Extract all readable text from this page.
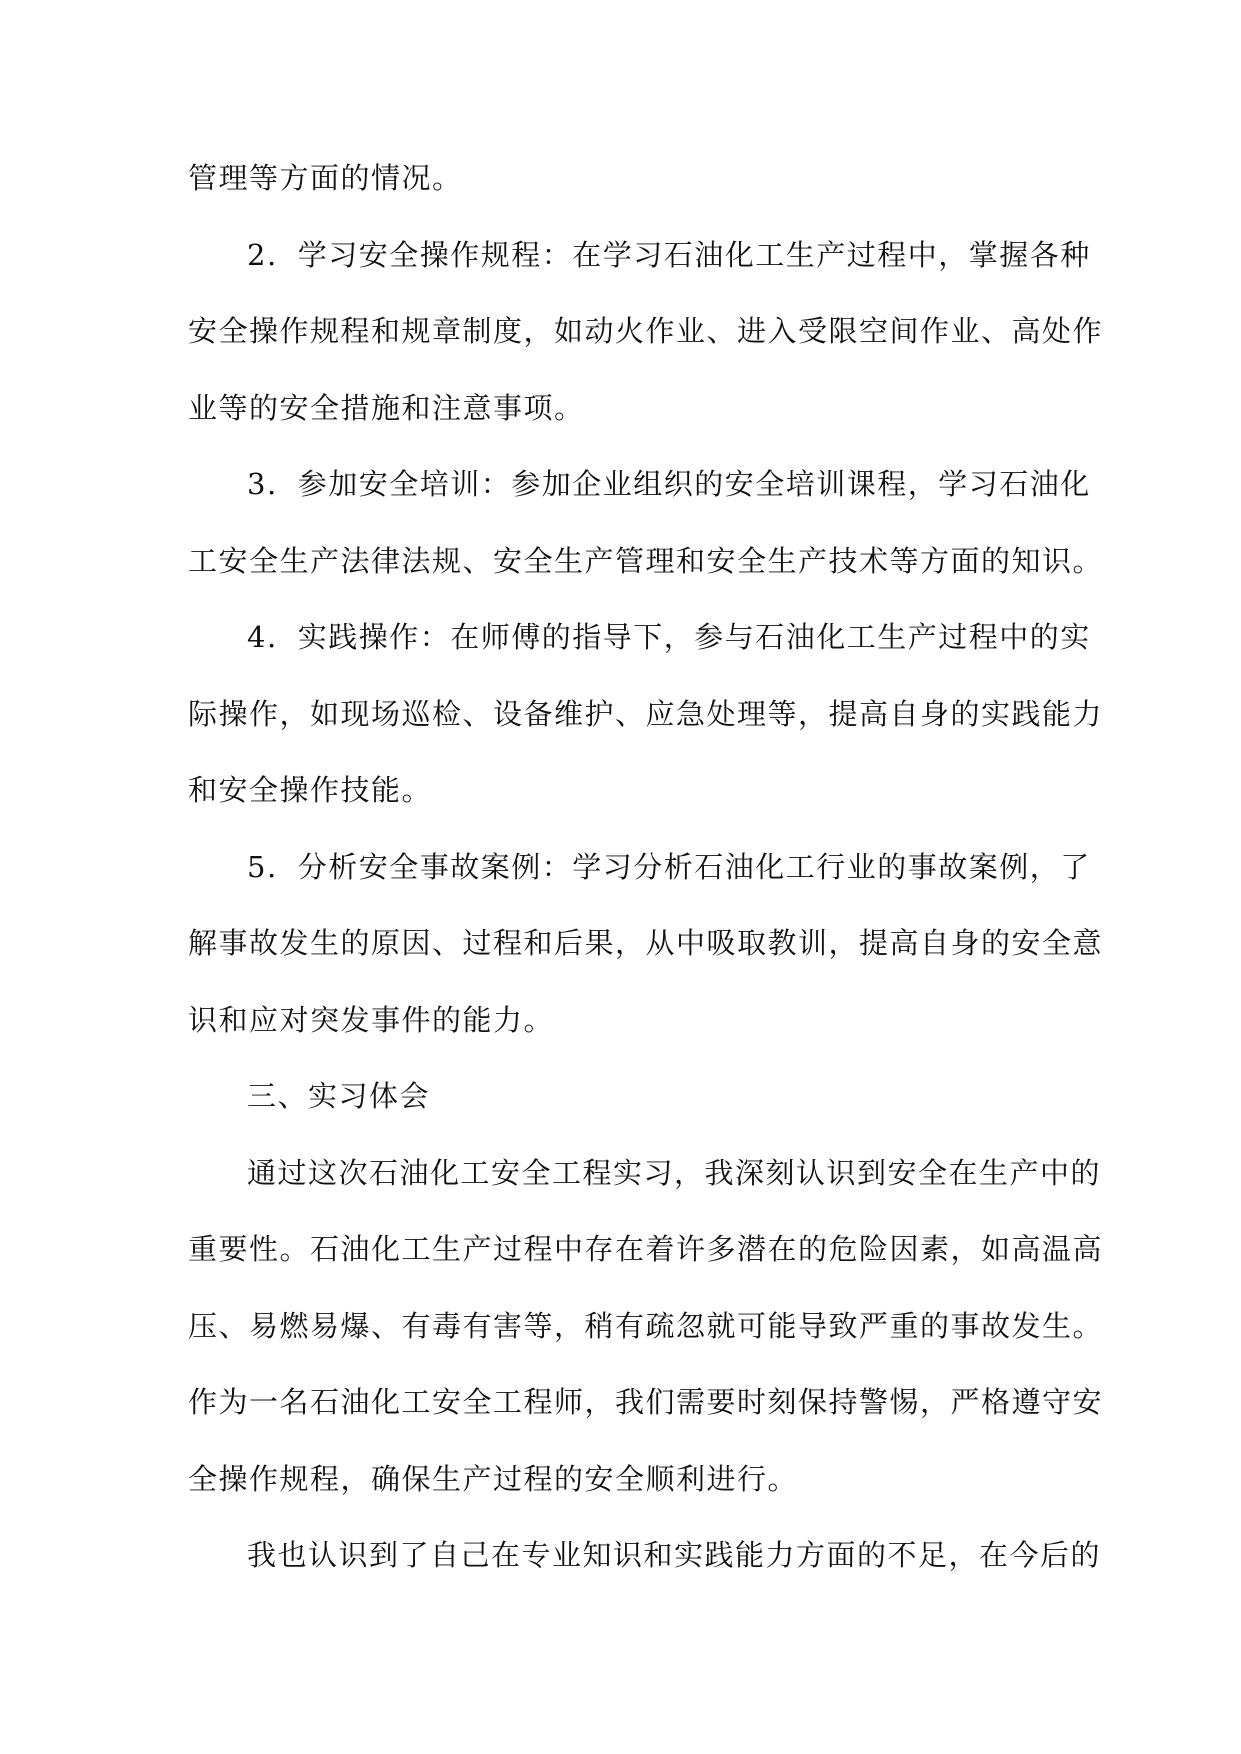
管理等方面的情况。
2. 学习安全操作规程：在学习石油化工生产过程中，掌握各种
安全操作规程和规章制度，如动火作业、进入受限空间作业、高处作
业等的安全措施和注意事项。
3. 参加安全培训：参加企业组织的安全培训课程，学习石油化
工安全生产法律法规、安全生产管理和安全生产技术等方面的知识。
4. 实践操作：在师傅的指导下，参与石油化工生产过程中的实
际操作，如现场巡检、设备维护、应急处理等，提高自身的实践能力
和安全操作技能。
5. 分析安全事故案例：学习分析石油化工行业的事故案例，了
解事故发生的原因、过程和后果，从中吸取教训，提高自身的安全意
识和应对突发事件的能力。
三、实习体会
通过这次石油化工安全工程实习，我深刻认识到安全在生产中的
重要性。石油化工生产过程中存在着许多潜在的危险因素，如高温高
压、易燃易爆、有毒有害等，稍有疏忽就可能导致严重的事故发生。
作为一名石油化工安全工程师，我们需要时刻保持警惕，严格遵守安
全操作规程，确保生产过程的安全顺利进行。
我也认识到了自己在专业知识和实践能力方面的不足，在今后的
